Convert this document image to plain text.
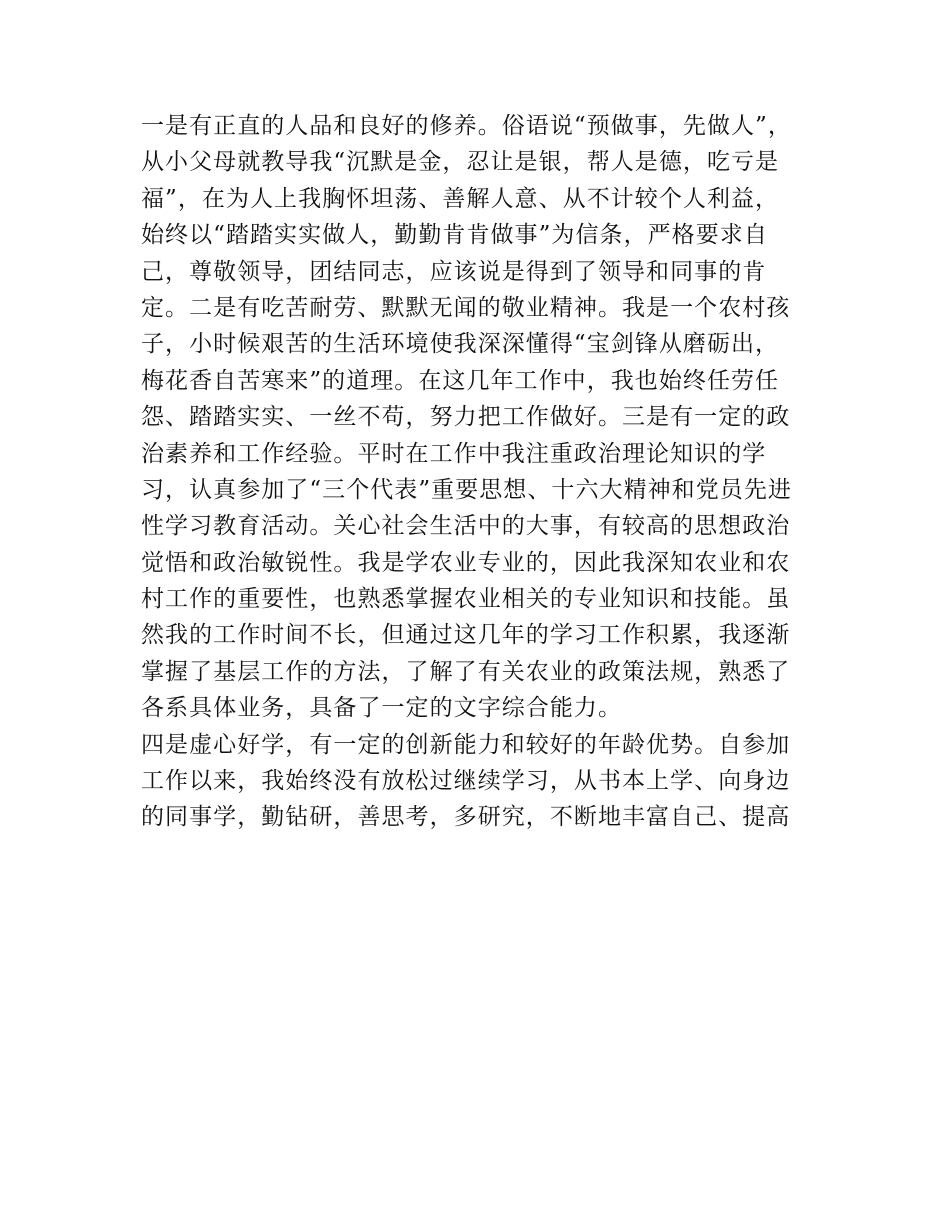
一是有正直的人品和良好的修养。俗语说“预做事，先做人”，
从小父母就教导我“沉默是金，忍让是银，帮人是德，吃亏是
福”，在为人上我胸怀坦荡、善解人意、从不计较个人利益，
始终以“踏踏实实做人，勤勤肯肯做事”为信条，严格要求自
己，尊敬领导，团结同志，应该说是得到了领导和同事的肯
定。二是有吃苦耐劳、默默无闻的敬业精神。我是一个农村孩
子，小时候艰苦的生活环境使我深深懂得“宝剑锋从磨砺出，
梅花香自苦寒来”的道理。在这几年工作中，我也始终任劳任
怨、踏踏实实、一丝不苟，努力把工作做好。三是有一定的政
治素养和工作经验。平时在工作中我注重政治理论知识的学
习，认真参加了“三个代表”重要思想、十六大精神和党员先进
性学习教育活动。关心社会生活中的大事，有较高的思想政治
觉悟和政治敏锐性。我是学农业专业的，因此我深知农业和农
村工作的重要性，也熟悉掌握农业相关的专业知识和技能。虽
然我的工作时间不长，但通过这几年的学习工作积累，我逐渐
掌握了基层工作的方法，了解了有关农业的政策法规，熟悉了
各系具体业务，具备了一定的文字综合能力。
四是虚心好学，有一定的创新能力和较好的年龄优势。自参加
工作以来，我始终没有放松过继续学习，从书本上学、向身边
的同事学，勤钻研，善思考，多研究，不断地丰富自己、提高
